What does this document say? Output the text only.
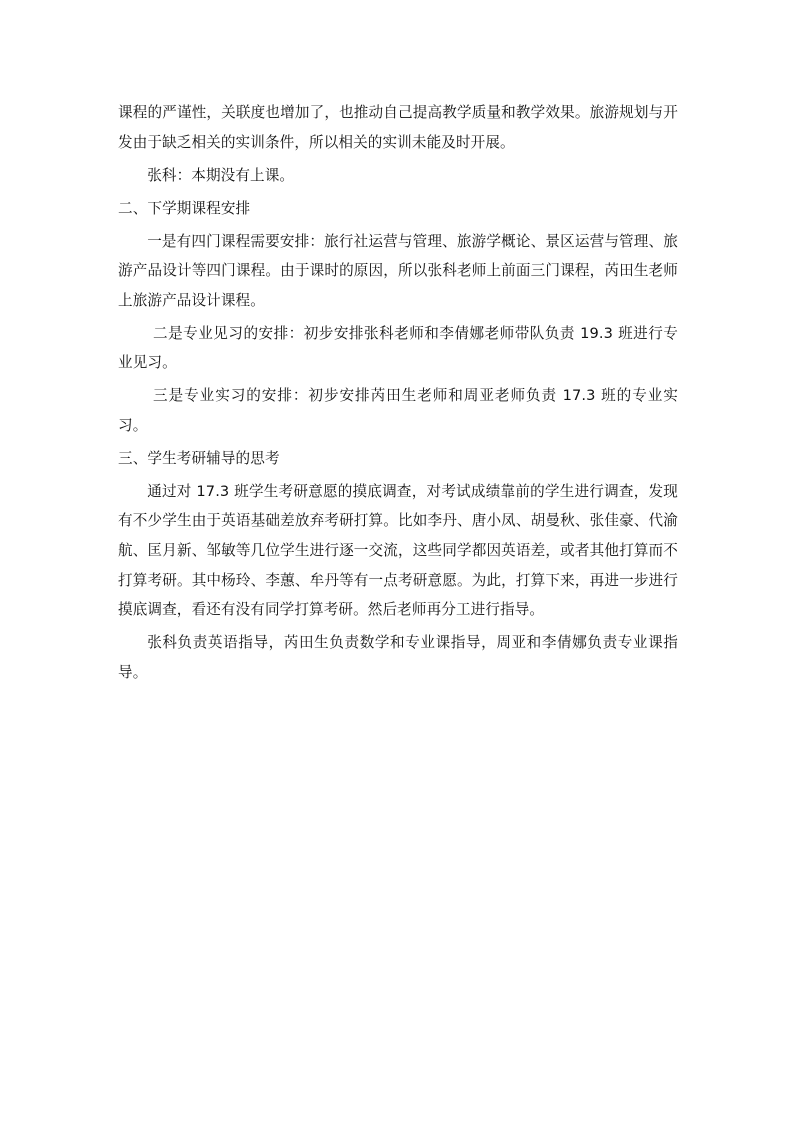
课程的严谨性，关联度也增加了，也推动自己提高教学质量和教学效果。旅游规划与开发由于缺乏相关的实训条件，所以相关的实训未能及时开展。

张科：本期没有上课。

二、下学期课程安排

一是有四门课程需要安排：旅行社运营与管理、旅游学概论、景区运营与管理、旅游产品设计等四门课程。由于课时的原因，所以张科老师上前面三门课程，芮田生老师上旅游产品设计课程。

二是专业见习的安排：初步安排张科老师和李倩娜老师带队负责 19.3 班进行专业见习。

三是专业实习的安排：初步安排芮田生老师和周亚老师负责 17.3 班的专业实习。

三、学生考研辅导的思考

通过对 17.3 班学生考研意愿的摸底调查，对考试成绩靠前的学生进行调查，发现有不少学生由于英语基础差放弃考研打算。比如李丹、唐小凤、胡曼秋、张佳豪、代渝航、匡月新、邹敏等几位学生进行逐一交流，这些同学都因英语差，或者其他打算而不打算考研。其中杨玲、李蕙、牟丹等有一点考研意愿。为此，打算下来，再进一步进行摸底调查，看还有没有同学打算考研。然后老师再分工进行指导。

张科负责英语指导，芮田生负责数学和专业课指导，周亚和李倩娜负责专业课指导。
